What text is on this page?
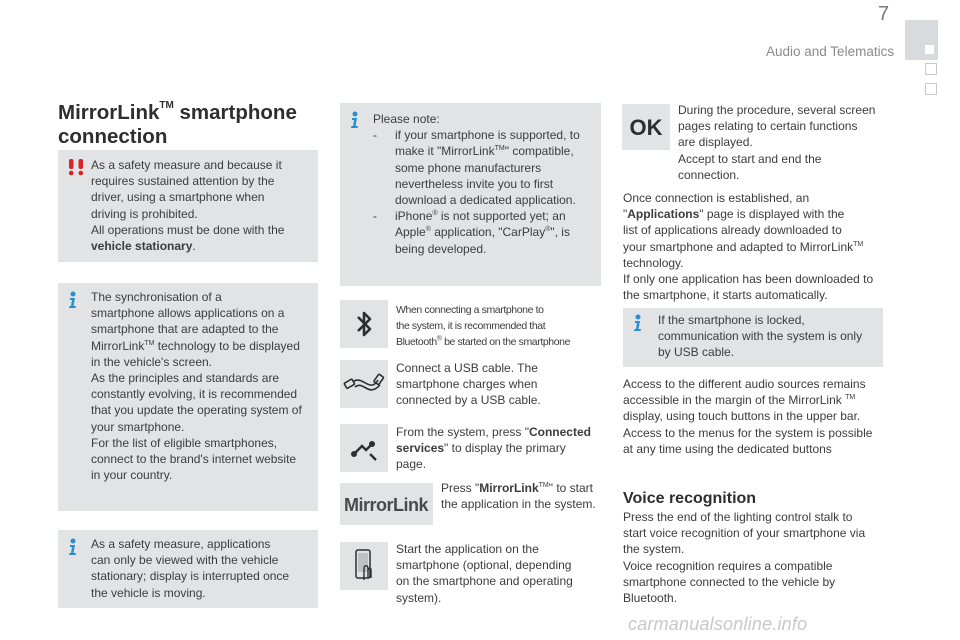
7
Audio and Telematics
MirrorLink™ smartphone
connection
As a safety measure and because it
requires sustained attention by the
driver, using a smartphone when
driving is prohibited.
All operations must be done with the
vehicle stationary.
The synchronisation of a
smartphone allows applications on a
smartphone that are adapted to the
MirrorLink™ technology to be displayed
in the vehicle's screen.
As the principles and standards are
constantly evolving, it is recommended
that you update the operating system of
your smartphone.
For the list of eligible smartphones,
connect to the brand's internet website
in your country.
As a safety measure, applications
can only be viewed with the vehicle
stationary; display is interrupted once
the vehicle is moving.
Please note:
-	if your smartphone is supported, to
make it "MirrorLink™" compatible,
some phone manufacturers
nevertheless invite you to first
download a dedicated application.
-	iPhone® is not supported yet; an
Apple® application, "CarPlay®", is
being developed.
When connecting a smartphone to
the system, it is recommended that
Bluetooth® be started on the smartphone
Connect a USB cable. The
smartphone charges when
connected by a USB cable.
From the system, press "Connected
services" to display the primary
page.
MirrorLink
Press "MirrorLink™" to start
the application in the system.
Start the application on the
smartphone (optional, depending
on the smartphone and operating
system).
OK
During the procedure, several screen
pages relating to certain functions
are displayed.
Accept to start and end the
connection.
Once connection is established, an
"Applications" page is displayed with the
list of applications already downloaded to
your smartphone and adapted to MirrorLink™
technology.
If only one application has been downloaded to
the smartphone, it starts automatically.
If the smartphone is locked,
communication with the system is only
by USB cable.
Access to the different audio sources remains
accessible in the margin of the MirrorLink ™
display, using touch buttons in the upper bar.
Access to the menus for the system is possible
at any time using the dedicated buttons
Voice recognition
Press the end of the lighting control stalk to
start voice recognition of your smartphone via
the system.
Voice recognition requires a compatible
smartphone connected to the vehicle by
Bluetooth.
carmanualsonline.info
